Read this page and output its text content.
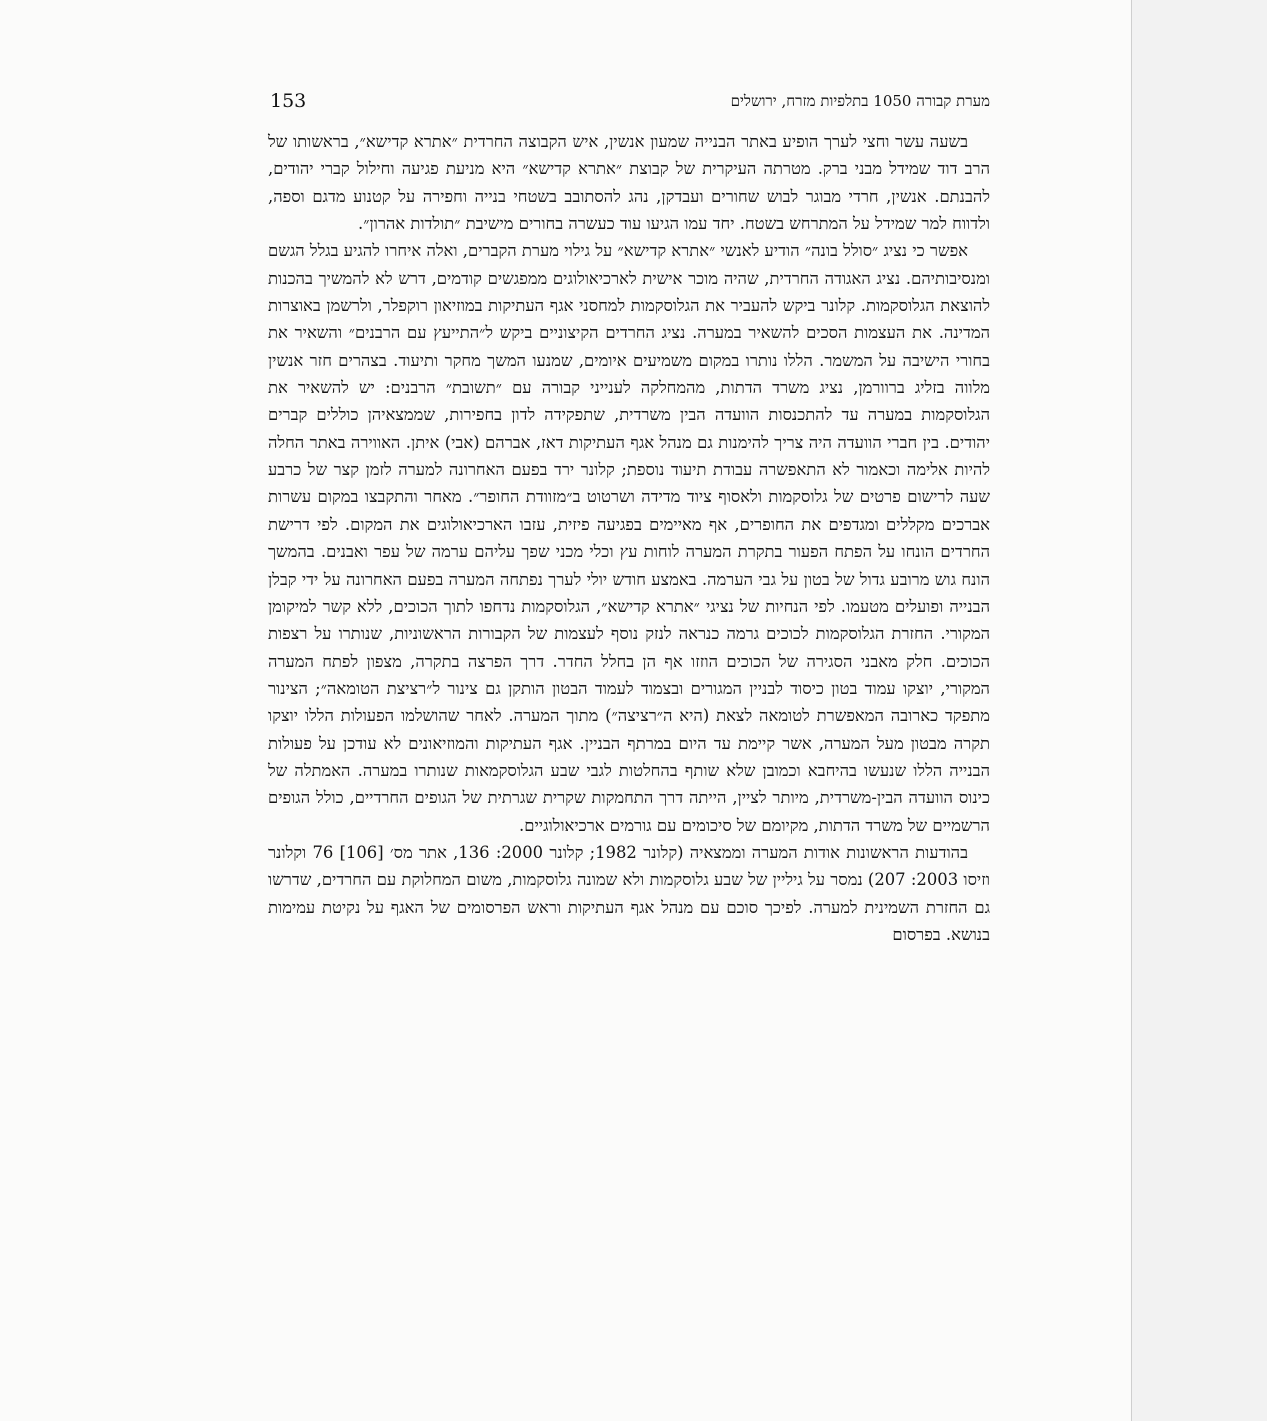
153	מערת קבורה 1050 בתלפיות מזרח, ירושלים

בשעה עשר וחצי לערך הופיע באתר הבנייה שמעון אנשין, איש הקבוצה החרדית ״אתרא קדישא״, בראשותו של הרב דוד שמידל מבני ברק. מטרתה העיקרית של קבוצת ״אתרא קדישא״ היא מניעת פגיעה וחילול קברי יהודים, להבנתם. אנשין, חרדי מבוגר לבוש שחורים ועבדקן, נהג להסתובב בשטחי בנייה וחפירה על קטנוע מדגם וספה, ולדווח למר שמידל על המתרחש בשטח. יחד עמו הגיעו עוד כעשרה בחורים מישיבת ״תולדות אהרון״.

אפשר כי נציג ״סולל בונה״ הודיע לאנשי ״אתרא קדישא״ על גילוי מערת הקברים, ואלה איחרו להגיע בגלל הגשם ומנסיבותיהם. נציג האגודה החרדית, שהיה מוכר אישית לארכיאולוגים ממפגשים קודמים, דרש לא להמשיך בהכנות להוצאת הגלוסקמות. קלונר ביקש להעביר את הגלוסקמות למחסני אגף העתיקות במוזיאון רוקפלר, ולרשמן באוצרות המדינה. את העצמות הסכים להשאיר במערה. נציג החרדים הקיצוניים ביקש ל״התייעץ עם הרבנים״ והשאיר את בחורי הישיבה על המשמר. הללו נותרו במקום משמיעים איומים, שמנעו המשך מחקר ותיעוד. בצהרים חזר אנשין מלווה בזליג ברוורמן, נציג משרד הדתות, מהמחלקה לענייני קבורה עם ״תשובת״ הרבנים: יש להשאיר את הגלוסקמות במערה עד להתכנסות הוועדה הבין משרדית, שתפקידה לדון בחפירות, שממצאיהן כוללים קברים יהודים. בין חברי הוועדה היה צריך להימנות גם מנהל אגף העתיקות דאז, אברהם (אבי) איתן. האווירה באתר החלה להיות אלימה וכאמור לא התאפשרה עבודת תיעוד נוספת; קלונר ירד בפעם האחרונה למערה לזמן קצר של כרבע שעה לרישום פרטים של גלוסקמות ולאסוף ציוד מדידה ושרטוט ב״מזוודת החופר״. מאחר והתקבצו במקום עשרות אברכים מקללים ומגדפים את החופרים, אף מאיימים בפגיעה פיזית, עזבו הארכיאולוגים את המקום. לפי דרישת החרדים הונחו על הפתח הפעור בתקרת המערה לוחות עץ וכלי מכני שפך עליהם ערמה של עפר ואבנים. בהמשך הונח גוש מרובע גדול של בטון על גבי הערמה. באמצע חודש יולי לערך נפתחה המערה בפעם האחרונה על ידי קבלן הבנייה ופועלים מטעמו. לפי הנחיות של נציגי ״אתרא קדישא״, הגלוסקמות נדחפו לתוך הכוכים, ללא קשר למיקומן המקורי. החזרת הגלוסקמות לכוכים גרמה כנראה לנזק נוסף לעצמות של הקבורות הראשוניות, שנותרו על רצפות הכוכים. חלק מאבני הסגירה של הכוכים הוזזו אף הן בחלל החדר. דרך הפרצה בתקרה, מצפון לפתח המערה המקורי, יוצקו עמוד בטון כיסוד לבניין המגורים ובצמוד לעמוד הבטון הותקן גם צינור ל״רציצת הטומאה״; הצינור מתפקד כארובה המאפשרת לטומאה לצאת (היא ה״רציצה״) מתוך המערה. לאחר שהושלמו הפעולות הללו יוצקו תקרה מבטון מעל המערה, אשר קיימת עד היום במרתף הבניין. אגף העתיקות והמוזיאונים לא עודכן על פעולות הבנייה הללו שנעשו בהיחבא וכמובן שלא שותף בהחלטות לגבי שבע הגלוסקמאות שנותרו במערה. האמתלה של כינוס הוועדה הבין-משרדית, מיותר לציין, הייתה דרך התחמקות שקרית שגרתית של הגופים החרדיים, כולל הגופים הרשמיים של משרד הדתות, מקיומם של סיכומים עם גורמים ארכיאולוגיים.

בהודעות הראשונות אודות המערה וממצאיה (קלונר 1982; קלונר 2000: 136, אתר מס׳ [106] 76 וקלונר וזיסו 2003: 207) נמסר על גיליין של שבע גלוסקמות ולא שמונה גלוסקמות, משום המחלוקת עם החרדים, שדרשו גם החזרת השמינית למערה. לפיכך סוכם עם מנהל אגף העתיקות וראש הפרסומים של האגף על נקיטת עמימות בנושא. בפרסום
